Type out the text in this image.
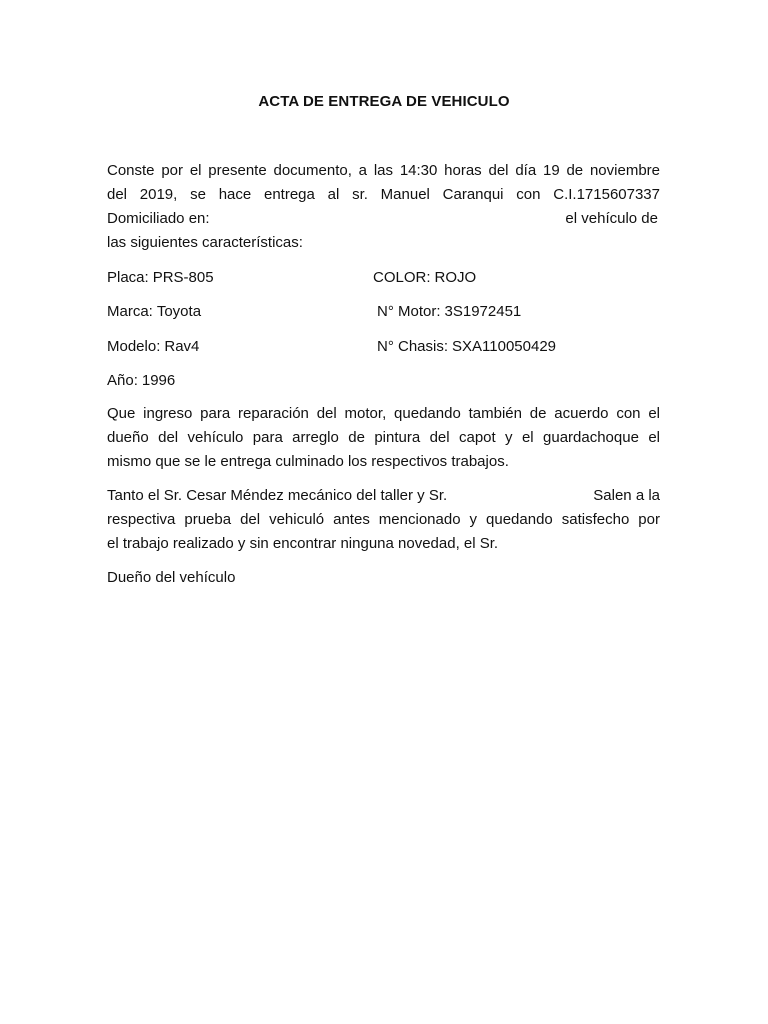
ACTA DE ENTREGA DE VEHICULO
Conste por el presente documento, a las 14:30 horas del día 19 de noviembre
del 2019, se hace entrega al sr. Manuel Caranqui con C.I.1715607337
Domiciliado en:	el vehículo de
las siguientes características:
Placa: PRS-805	COLOR: ROJO
Marca: Toyota	N° Motor: 3S1972451
Modelo: Rav4	N° Chasis: SXA110050429
Año: 1996
Que ingreso para reparación del motor, quedando también de acuerdo con el
dueño del vehículo para arreglo de pintura del capot y el guardachoque el
mismo que se le entrega culminado los respectivos trabajos.
Tanto el Sr. Cesar Méndez mecánico del taller y Sr.	Salen a la
respectiva prueba del vehiculó antes mencionado y quedando satisfecho por
el trabajo realizado y sin encontrar ninguna novedad, el Sr.
Dueño del vehículo
